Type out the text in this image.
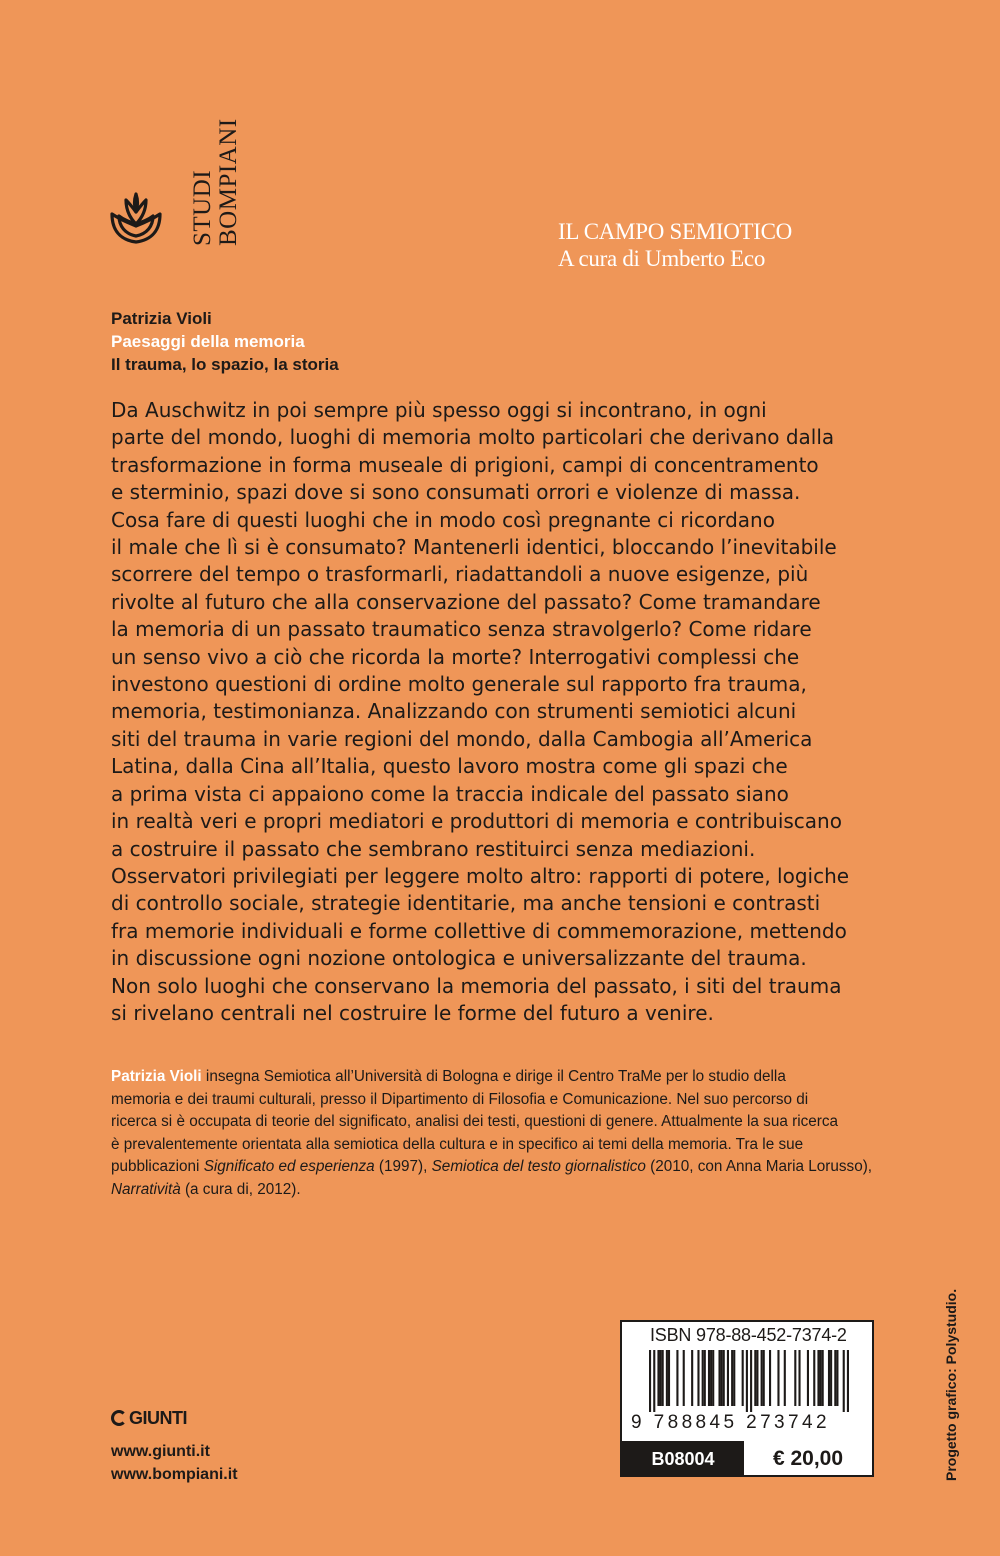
STUDI BOMPIANI	IL CAMPO SEMIOTICO
A cura di Umberto Eco
Patrizia Violi
Paesaggi della memoria
Il trauma, lo spazio, la storia
Da Auschwitz in poi sempre più spesso oggi si incontrano, in ogni
parte del mondo, luoghi di memoria molto particolari che derivano dalla
trasformazione in forma museale di prigioni, campi di concentramento
e sterminio, spazi dove si sono consumati orrori e violenze di massa.
Cosa fare di questi luoghi che in modo così pregnante ci ricordano
il male che lì si è consumato? Mantenerli identici, bloccando l’inevitabile
scorrere del tempo o trasformarli, riadattandoli a nuove esigenze, più
rivolte al futuro che alla conservazione del passato? Come tramandare
la memoria di un passato traumatico senza stravolgerlo? Come ridare
un senso vivo a ciò che ricorda la morte? Interrogativi complessi che
investono questioni di ordine molto generale sul rapporto fra trauma,
memoria, testimonianza. Analizzando con strumenti semiotici alcuni
siti del trauma in varie regioni del mondo, dalla Cambogia all’America
Latina, dalla Cina all’Italia, questo lavoro mostra come gli spazi che
a prima vista ci appaiono come la traccia indicale del passato siano
in realtà veri e propri mediatori e produttori di memoria e contribuiscano
a costruire il passato che sembrano restituirci senza mediazioni.
Osservatori privilegiati per leggere molto altro: rapporti di potere, logiche
di controllo sociale, strategie identitarie, ma anche tensioni e contrasti
fra memorie individuali e forme collettive di commemorazione, mettendo
in discussione ogni nozione ontologica e universalizzante del trauma.
Non solo luoghi che conservano la memoria del passato, i siti del trauma
si rivelano centrali nel costruire le forme del futuro a venire.
Patrizia Violi insegna Semiotica all’Università di Bologna e dirige il Centro TraMe per lo studio della
memoria e dei traumi culturali, presso il Dipartimento di Filosofia e Comunicazione. Nel suo percorso di
ricerca si è occupata di teorie del significato, analisi dei testi, questioni di genere. Attualmente la sua ricerca
è prevalentemente orientata alla semiotica della cultura e in specifico ai temi della memoria. Tra le sue
pubblicazioni Significato ed esperienza (1997), Semiotica del testo giornalistico (2010, con Anna Maria Lorusso),
Narratività (a cura di, 2012).
GIUNTI
www.giunti.it
www.bompiani.it
ISBN 978-88-452-7374-2
9 788845 273742
B08004	€ 20,00	Progetto grafico: Polystudio.
